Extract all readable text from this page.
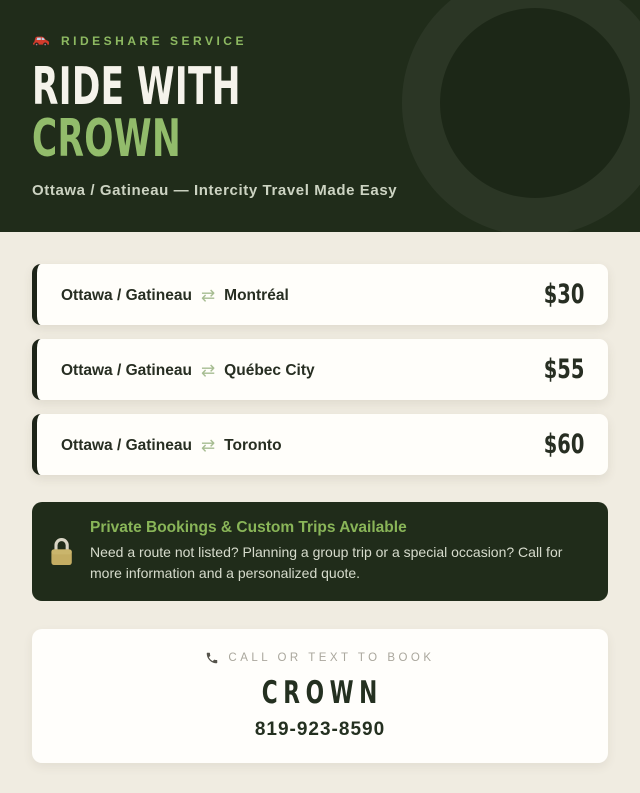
RIDESHARE SERVICE
RIDE WITH
CROWN
Ottawa / Gatineau — Intercity Travel Made Easy
Ottawa / Gatineau ⇄ Montréal	$30
Ottawa / Gatineau ⇄ Québec City	$55
Ottawa / Gatineau ⇄ Toronto	$60
Private Bookings & Custom Trips Available
Need a route not listed? Planning a group trip or a special occasion? Call for more information and a personalized quote.
CALL OR TEXT TO BOOK
CROWN
819-923-8590
